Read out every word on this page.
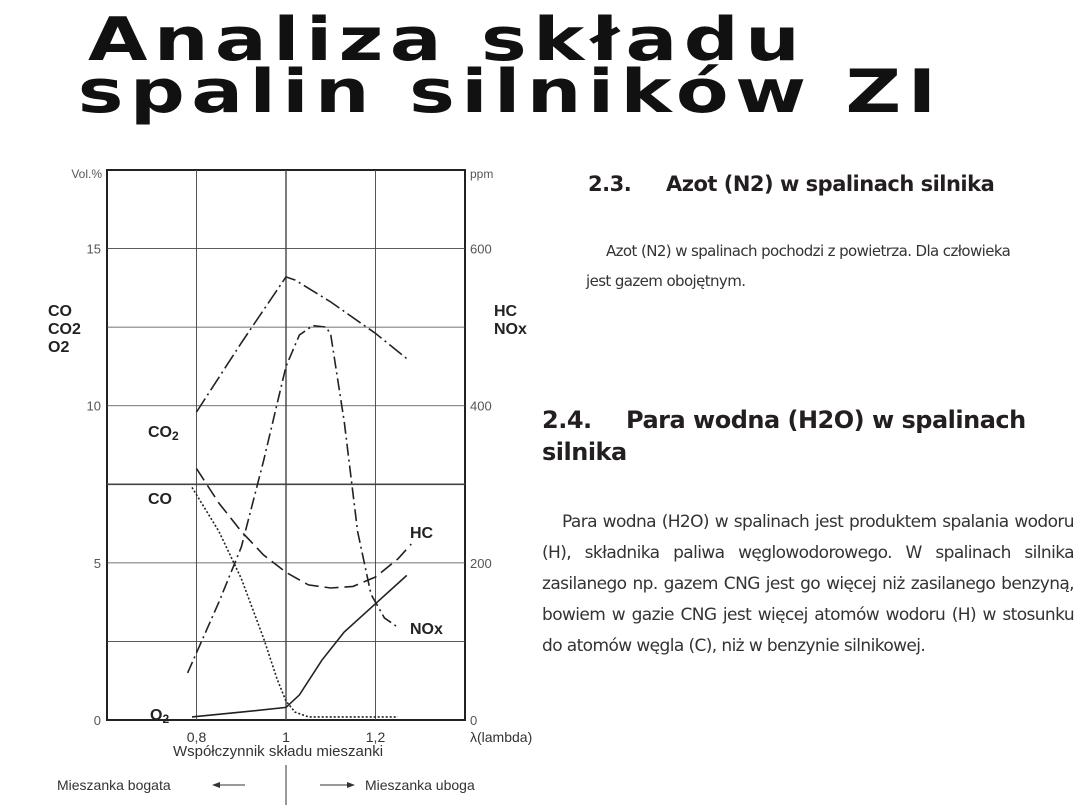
Analiza składu
spalin silników ZI
0,8	1	1,2
0
5
10
15
0
200
400
600
Vol.%	ppm
CO
CO2
O2
HC
NOx
λ(lambda)
Współczynnik składu mieszanki
Mieszanka bogata	Mieszanka uboga
CO2
CO
O2
HC
NOx
2.3. Azot (N2) w spalinach silnika
Azot (N2) w spalinach pochodzi z powietrza. Dla człowieka jest gazem obojętnym.
2.4. Para wodna (H2O) w spalinach
silnika
Para wodna (H2O) w spalinach jest produktem spalania wodoru (H), składnika paliwa węglowodorowego. W spalinach silnika zasilanego np. gazem CNG jest go więcej niż zasilanego benzyną, bowiem w gazie CNG jest więcej atomów wodoru (H) w stosunku do atomów węgla (C), niż w benzynie silnikowej.
